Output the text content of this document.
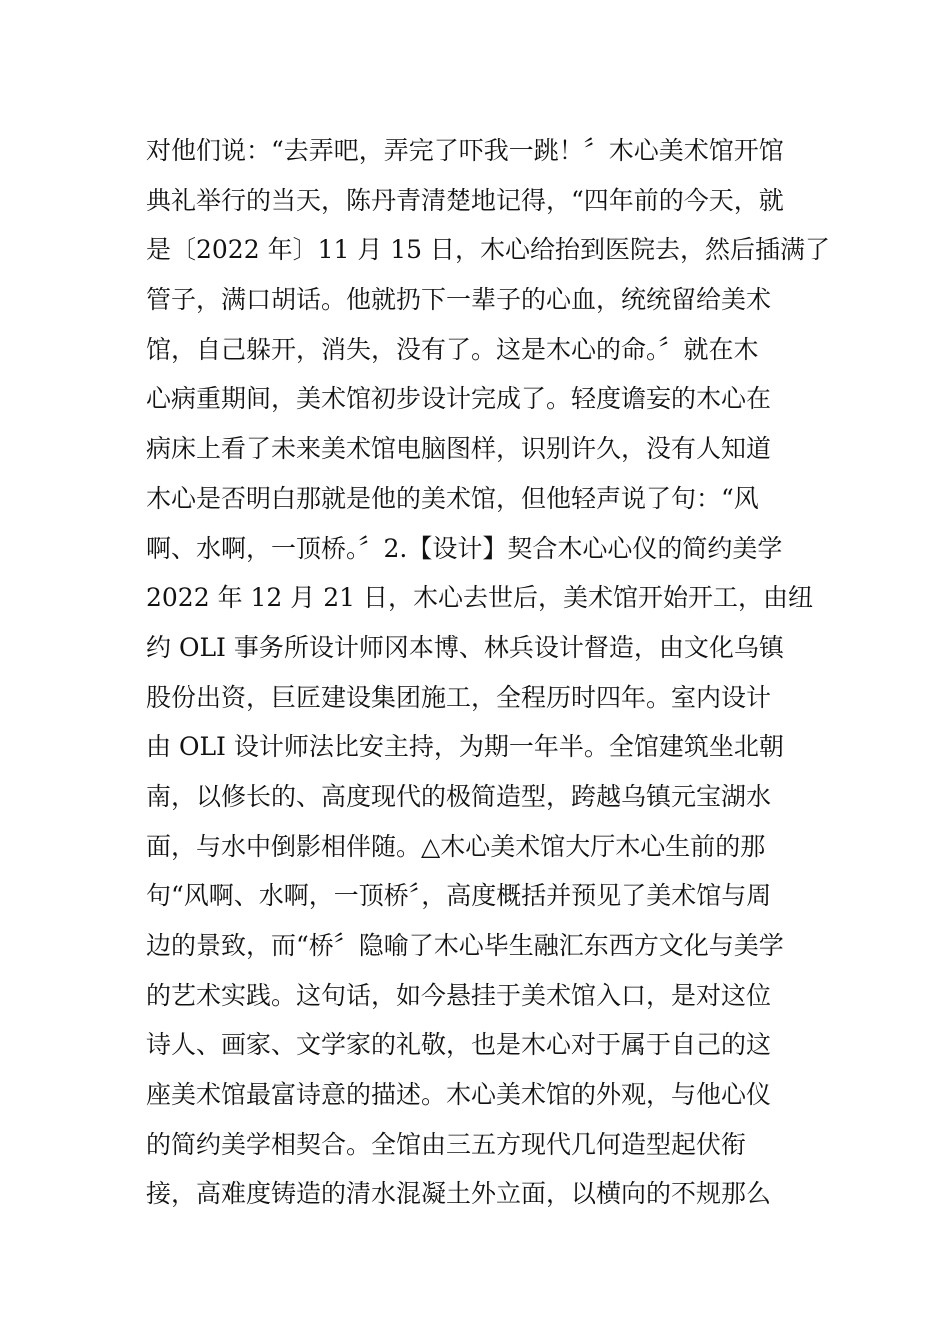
对他们说：“去弄吧，弄完了吓我一跳！〞木心美术馆开馆
典礼举行的当天，陈丹青清楚地记得，“四年前的今天，就
是〔2022 年〕11 月 15 日，木心给抬到医院去，然后插满了
管子，满口胡话。他就扔下一辈子的心血，统统留给美术
馆，自己躲开，消失，没有了。这是木心的命。〞就在木
心病重期间，美术馆初步设计完成了。轻度谵妄的木心在
病床上看了未来美术馆电脑图样，识别许久，没有人知道
木心是否明白那就是他的美术馆，但他轻声说了句：“风
啊、水啊，一顶桥。〞2.【设计】契合木心心仪的简约美学
2022 年 12 月 21 日，木心去世后，美术馆开始开工，由纽
约 OLI 事务所设计师冈本博、林兵设计督造，由文化乌镇
股份出资，巨匠建设集团施工，全程历时四年。室内设计
由 OLI 设计师法比安主持，为期一年半。全馆建筑坐北朝
南，以修长的、高度现代的极简造型，跨越乌镇元宝湖水
面，与水中倒影相伴随。△木心美术馆大厅木心生前的那
句“风啊、水啊，一顶桥〞，高度概括并预见了美术馆与周
边的景致，而“桥〞隐喻了木心毕生融汇东西方文化与美学
的艺术实践。这句话，如今悬挂于美术馆入口，是对这位
诗人、画家、文学家的礼敬，也是木心对于属于自己的这
座美术馆最富诗意的描述。木心美术馆的外观，与他心仪
的简约美学相契合。全馆由三五方现代几何造型起伏衔
接，高难度铸造的清水混凝土外立面，以横向的不规那么
